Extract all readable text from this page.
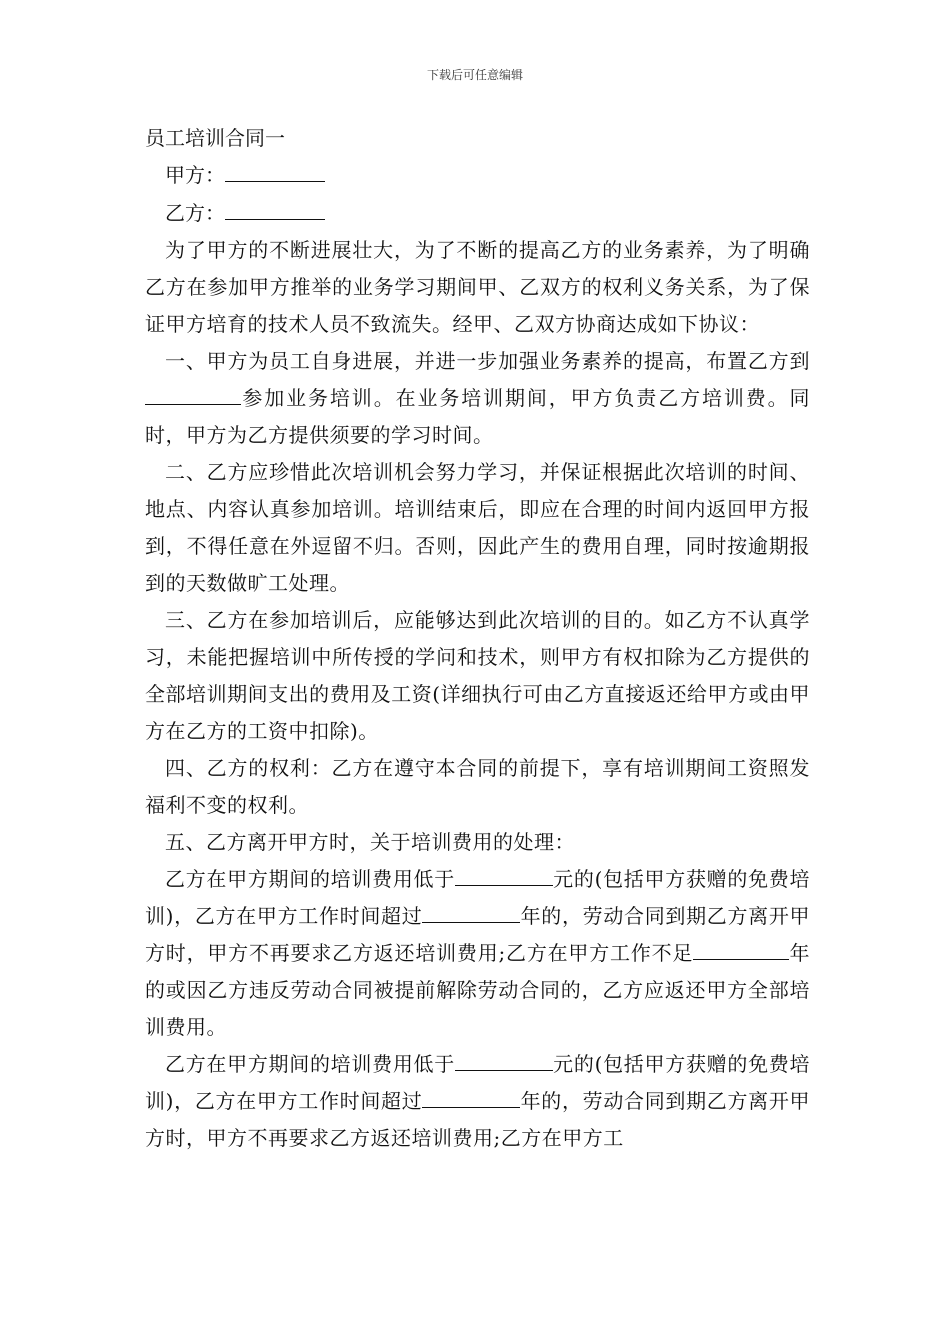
下载后可任意编辑

员工培训合同一

甲方：

乙方：

为了甲方的不断进展壮大，为了不断的提高乙方的业务素养，为了明确乙方在参加甲方推举的业务学习期间甲、乙双方的权利义务关系，为了保证甲方培育的技术人员不致流失。经甲、乙双方协商达成如下协议：

一、甲方为员工自身进展，并进一步加强业务素养的提高，布置乙方到参加业务培训。在业务培训期间，甲方负责乙方培训费。同时，甲方为乙方提供须要的学习时间。

二、乙方应珍惜此次培训机会努力学习，并保证根据此次培训的时间、地点、内容认真参加培训。培训结束后，即应在合理的时间内返回甲方报到，不得任意在外逗留不归。否则，因此产生的费用自理，同时按逾期报到的天数做旷工处理。

三、乙方在参加培训后，应能够达到此次培训的目的。如乙方不认真学习，未能把握培训中所传授的学问和技术，则甲方有权扣除为乙方提供的全部培训期间支出的费用及工资(详细执行可由乙方直接返还给甲方或由甲方在乙方的工资中扣除)。

四、乙方的权利：乙方在遵守本合同的前提下，享有培训期间工资照发福利不变的权利。

五、乙方离开甲方时，关于培训费用的处理：

乙方在甲方期间的培训费用低于	元的(包括甲方获赠的免费培训)，乙方在甲方工作时间超过	年的，劳动合同到期乙方离开甲方时，甲方不再要求乙方返还培训费用;乙方在甲方工作不足	年的或因乙方违反劳动合同被提前解除劳动合同的，乙方应返还甲方全部培训费用。

乙方在甲方期间的培训费用低于	元的(包括甲方获赠的免费培训)，乙方在甲方工作时间超过	年的，劳动合同到期乙方离开甲方时，甲方不再要求乙方返还培训费用;乙方在甲方工
